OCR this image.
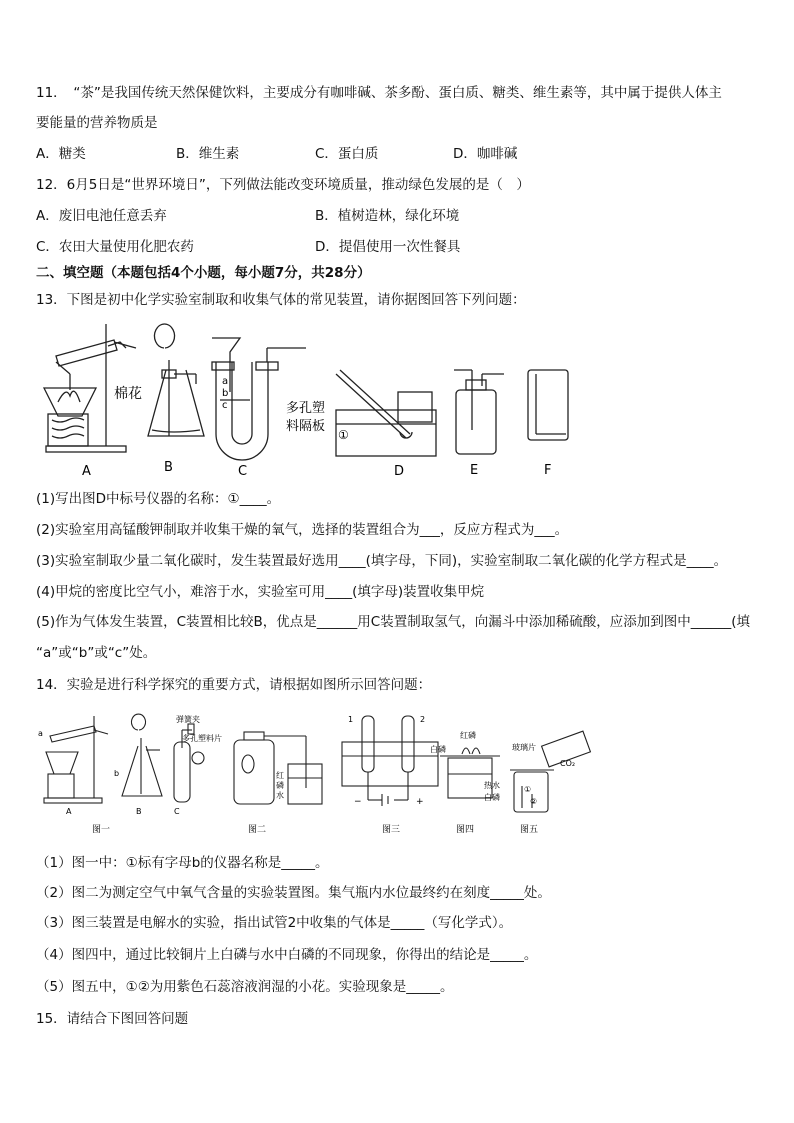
11．　“茶”是我国传统天然保健饮料，主要成分有咖啡碱、茶多酚、蛋白质、糖类、维生素等，其中属于提供人体主
要能量的营养物质是
A．糖类	B．维生素	C．蛋白质	D．咖啡碱
12．6月5日是“世界环境日”，下列做法能改变环境质量，推动绿色发展的是（　）
A．废旧电池任意丢弃	B．植树造林，绿化环境
C．农田大量使用化肥农药	D．提倡使用一次性餐具
二、填空题（本题包括4个小题，每小题7分，共28分）
13．下图是初中化学实验室制取和收集气体的常见装置，请你据图回答下列问题：
棉花
a
b
c	多孔塑
料隔板
①
A	B	C	D	E	F
(1)写出图D中标号仪器的名称：①____。
(2)实验室用高锰酸钾制取并收集干燥的氧气，选择的装置组合为___，反应方程式为___。
(3)实验室制取少量二氧化碳时，发生装置最好选用____(填字母，下同)，实验室制取二氧化碳的化学方程式是____。
(4)甲烷的密度比空气小，难溶于水，实验室可用____(填字母)装置收集甲烷
(5)作为气体发生装置，C装置相比较B，优点是______用C装置制取氢气，向漏斗中添加稀硫酸，应添加到图中______(填
“a”或“b”或“c”处。
14．实验是进行科学探究的重要方式，请根据如图所示回答问题：
a
b
弹簧夹
多孔塑料片
A	B	C
红
磷
水
1	2
−	+
白磷
红磷
热水
白磷
玻璃片
CO₂
①
②
图一	图二	图三	图四	图五
（1）图一中：①标有字母b的仪器名称是_____。
（2）图二为测定空气中氧气含量的实验装置图。集气瓶内水位最终约在刻度_____处。
（3）图三装置是电解水的实验，指出试管2中收集的气体是_____（写化学式）。
（4）图四中，通过比较铜片上白磷与水中白磷的不同现象，你得出的结论是_____。
（5）图五中，①②为用紫色石蕊溶液润湿的小花。实验现象是_____。
15．请结合下图回答问题
